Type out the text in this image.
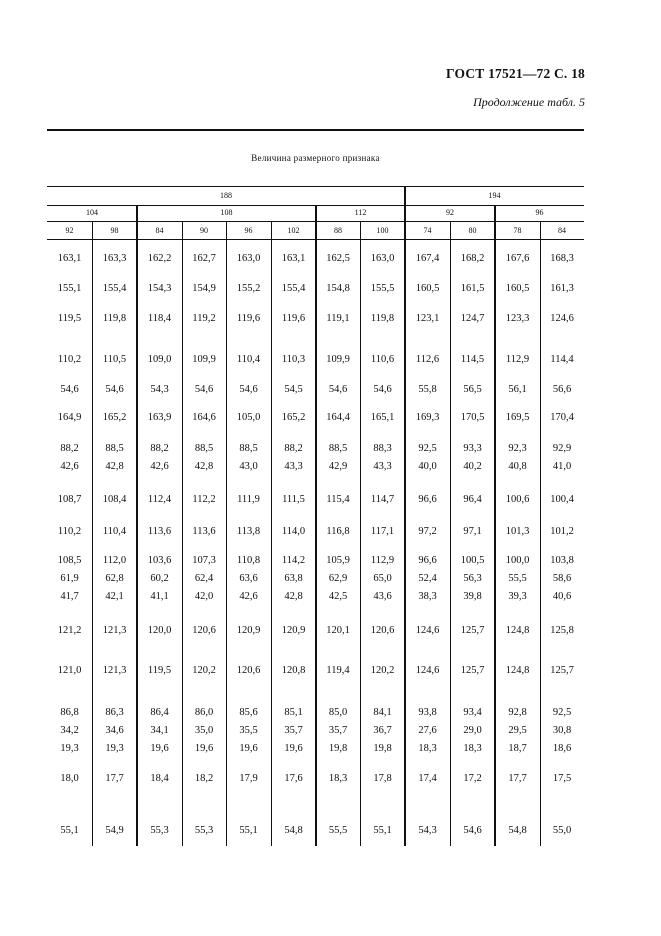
ГОСТ 17521—72 С. 18
Продолжение табл. 5
Величина размерного признака
188	194
104	108	112	92	96
92	98	84	90	96	102	88	100	74	80	78	84
163,1	163,3	162,2	162,7	163,0	163,1	162,5	163,0	167,4	168,2	167,6	168,3
155,1	155,4	154,3	154,9	155,2	155,4	154,8	155,5	160,5	161,5	160,5	161,3
119,5	119,8	118,4	119,2	119,6	119,6	119,1	119,8	123,1	124,7	123,3	124,6
110,2	110,5	109,0	109,9	110,4	110,3	109,9	110,6	112,6	114,5	112,9	114,4
54,6	54,6	54,3	54,6	54,6	54,5	54,6	54,6	55,8	56,5	56,1	56,6
164,9	165,2	163,9	164,6	105,0	165,2	164,4	165,1	169,3	170,5	169,5	170,4
88,2	88,5	88,2	88,5	88,5	88,2	88,5	88,3	92,5	93,3	92,3	92,9
42,6	42,8	42,6	42,8	43,0	43,3	42,9	43,3	40,0	40,2	40,8	41,0
108,7	108,4	112,4	112,2	111,9	111,5	115,4	114,7	96,6	96,4	100,6	100,4
110,2	110,4	113,6	113,6	113,8	114,0	116,8	117,1	97,2	97,1	101,3	101,2
108,5	112,0	103,6	107,3	110,8	114,2	105,9	112,9	96,6	100,5	100,0	103,8
61,9	62,8	60,2	62,4	63,6	63,8	62,9	65,0	52,4	56,3	55,5	58,6
41,7	42,1	41,1	42,0	42,6	42,8	42,5	43,6	38,3	39,8	39,3	40,6
121,2	121,3	120,0	120,6	120,9	120,9	120,1	120,6	124,6	125,7	124,8	125,8
121,0	121,3	119,5	120,2	120,6	120,8	119,4	120,2	124,6	125,7	124,8	125,7
86,8	86,3	86,4	86,0	85,6	85,1	85,0	84,1	93,8	93,4	92,8	92,5
34,2	34,6	34,1	35,0	35,5	35,7	35,7	36,7	27,6	29,0	29,5	30,8
19,3	19,3	19,6	19,6	19,6	19,6	19,8	19,8	18,3	18,3	18,7	18,6
18,0	17,7	18,4	18,2	17,9	17,6	18,3	17,8	17,4	17,2	17,7	17,5
55,1	54,9	55,3	55,3	55,1	54,8	55,5	55,1	54,3	54,6	54,8	55,0
